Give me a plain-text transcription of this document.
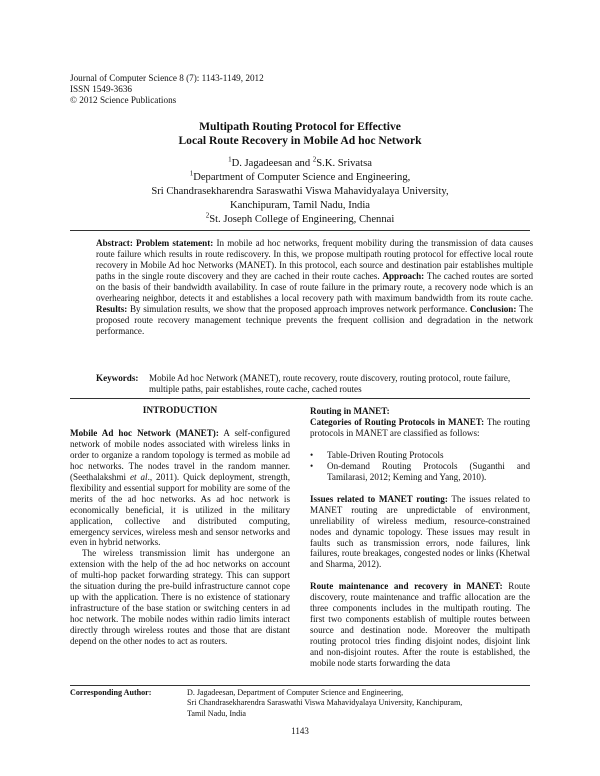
Journal of Computer Science 8 (7): 1143-1149, 2012
ISSN 1549-3636
© 2012 Science Publications
Multipath Routing Protocol for Effective
Local Route Recovery in Mobile Ad hoc Network
$^1$D. Jagadeesan and $^2$S.K. Srivatsa
$^1$Department of Computer Science and Engineering,
Sri Chandrasekharendra Saraswathi Viswa Mahavidyalaya University,
Kanchipuram, Tamil Nadu, India
$^2$St. Joseph College of Engineering, Chennai
Abstract: Problem statement: In mobile ad hoc networks, frequent mobility during the transmission of data causes route failure which results in route rediscovery. In this, we propose multipath routing protocol for effective local route recovery in Mobile Ad hoc Networks (MANET). In this protocol, each source and destination pair establishes multiple paths in the single route discovery and they are cached in their route caches. Approach: The cached routes are sorted on the basis of their bandwidth availability. In case of route failure in the primary route, a recovery node which is an overhearing neighbor, detects it and establishes a local recovery path with maximum bandwidth from its route cache. Results: By simulation results, we show that the proposed approach improves network performance. Conclusion: The proposed route recovery management technique prevents the frequent collision and degradation in the network performance.
Keywords:	Mobile Ad hoc Network (MANET), route recovery, route discovery, routing protocol, route failure, multiple paths, pair establishes, route cache, cached routes

INTRODUCTION

Mobile Ad hoc Network (MANET): A self-configured network of mobile nodes associated with wireless links in order to organize a random topology is termed as mobile ad hoc networks. The nodes travel in the random manner. (Seethalakshmi et al., 2011). Quick deployment, strength, flexibility and essential support for mobility are some of the merits of the ad hoc networks. As ad hoc network is economically beneficial, it is utilized in the military application, collective and distributed computing, emergency services, wireless mesh and sensor networks and even in hybrid networks.

The wireless transmission limit has undergone an extension with the help of the ad hoc networks on account of multi-hop packet forwarding strategy. This can support the situation during the pre-build infrastructure cannot cope up with the application. There is no existence of stationary infrastructure of the base station or switching centers in ad hoc network. The mobile nodes within radio limits interact directly through wireless routes and those that are distant depend on the other nodes to act as routers.

Routing in MANET:

Categories of Routing Protocols in MANET: The routing protocols in MANET are classified as follows:

• Table-Driven Routing Protocols
• On-demand Routing Protocols (Suganthi and Tamilarasi, 2012; Keming and Yang, 2010).

Issues related to MANET routing: The issues related to MANET routing are unpredictable of environment, unreliability of wireless medium, resource-constrained nodes and dynamic topology. These issues may result in faults such as transmission errors, node failures, link failures, route breakages, congested nodes or links (Khetwal and Sharma, 2012).

Route maintenance and recovery in MANET: Route discovery, route maintenance and traffic allocation are the three components includes in the multipath routing. The first two components establish of multiple routes between source and destination node. Moreover the multipath routing protocol tries finding disjoint nodes, disjoint link and non-disjoint routes. After the route is established, the mobile node starts forwarding the data

Corresponding Author:	D. Jagadeesan, Department of Computer Science and Engineering,
Sri Chandrasekharendra Saraswathi Viswa Mahavidyalaya University, Kanchipuram,
Tamil Nadu, India
1143
